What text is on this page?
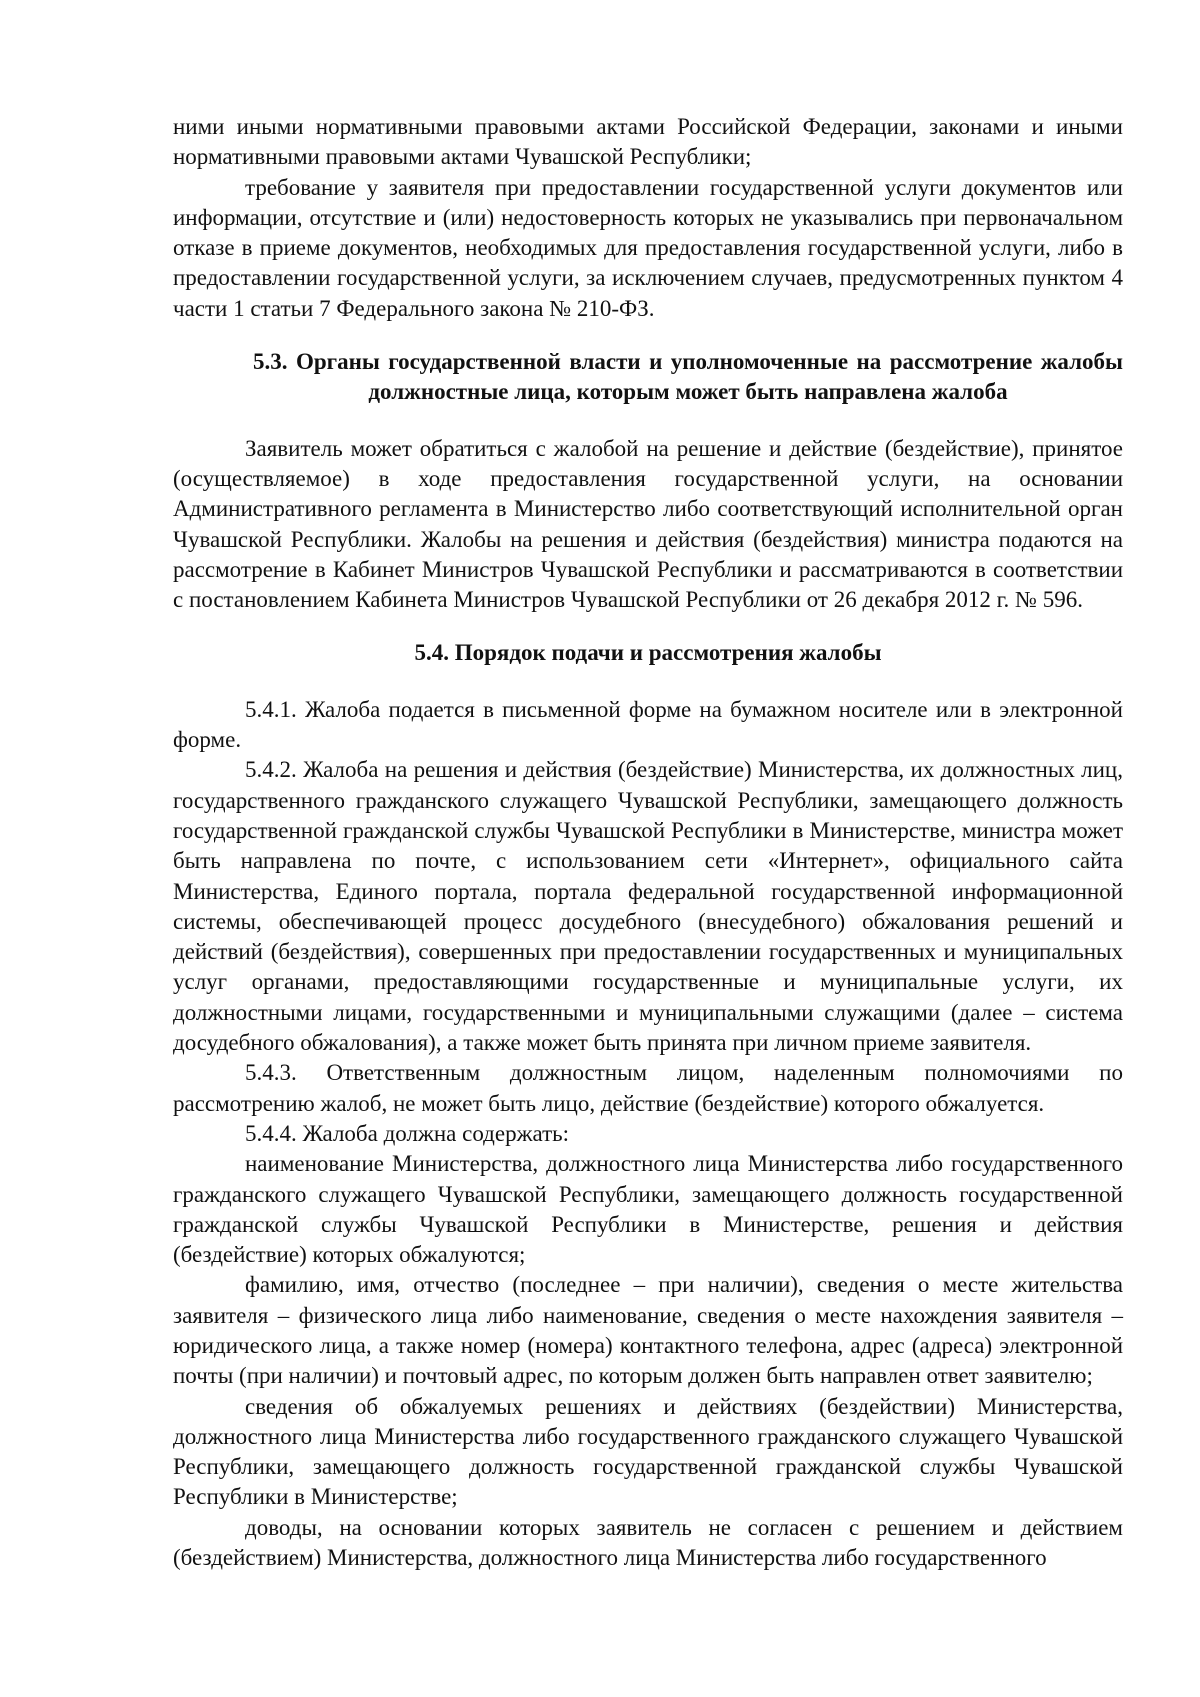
ними иными нормативными правовыми актами Российской Федерации, законами и иными нормативными правовыми актами Чувашской Республики;

требование у заявителя при предоставлении государственной услуги документов или информации, отсутствие и (или) недостоверность которых не указывались при первоначальном отказе в приеме документов, необходимых для предоставления государственной услуги, либо в предоставлении государственной услуги, за исключением случаев, предусмотренных пунктом 4 части 1 статьи 7 Федерального закона № 210-ФЗ.

5.3. Органы государственной власти и уполномоченные на рассмотрение жалобы должностные лица, которым может быть направлена жалоба

Заявитель может обратиться с жалобой на решение и действие (бездействие), принятое (осуществляемое) в ходе предоставления государственной услуги, на основании Административного регламента в Министерство либо соответствующий исполнительной орган Чувашской Республики. Жалобы на решения и действия (бездействия) министра подаются на рассмотрение в Кабинет Министров Чувашской Республики и рассматриваются в соответствии с постановлением Кабинета Министров Чувашской Республики от 26 декабря 2012 г. № 596.

5.4. Порядок подачи и рассмотрения жалобы

5.4.1. Жалоба подается в письменной форме на бумажном носителе или в электронной форме.

5.4.2. Жалоба на решения и действия (бездействие) Министерства, их должностных лиц, государственного гражданского служащего Чувашской Республики, замещающего должность государственной гражданской службы Чувашской Республики в Министерстве, министра может быть направлена по почте, с использованием сети «Интернет», официального сайта Министерства, Единого портала, портала федеральной государственной информационной системы, обеспечивающей процесс досудебного (внесудебного) обжалования решений и действий (бездействия), совершенных при предоставлении государственных и муниципальных услуг органами, предоставляющими государственные и муниципальные услуги, их должностными лицами, государственными и муниципальными служащими (далее – система досудебного обжалования), а также может быть принята при личном приеме заявителя.

5.4.3. Ответственным должностным лицом, наделенным полномочиями по рассмотрению жалоб, не может быть лицо, действие (бездействие) которого обжалуется.

5.4.4. Жалоба должна содержать:

наименование Министерства, должностного лица Министерства либо государственного гражданского служащего Чувашской Республики, замещающего должность государственной гражданской службы Чувашской Республики в Министерстве, решения и действия (бездействие) которых обжалуются;

фамилию, имя, отчество (последнее – при наличии), сведения о месте жительства заявителя – физического лица либо наименование, сведения о месте нахождения заявителя – юридического лица, а также номер (номера) контактного телефона, адрес (адреса) электронной почты (при наличии) и почтовый адрес, по которым должен быть направлен ответ заявителю;

сведения об обжалуемых решениях и действиях (бездействии) Министерства, должностного лица Министерства либо государственного гражданского служащего Чувашской Республики, замещающего должность государственной гражданской службы Чувашской Республики в Министерстве;

доводы, на основании которых заявитель не согласен с решением и действием (бездействием) Министерства, должностного лица Министерства либо государственного
